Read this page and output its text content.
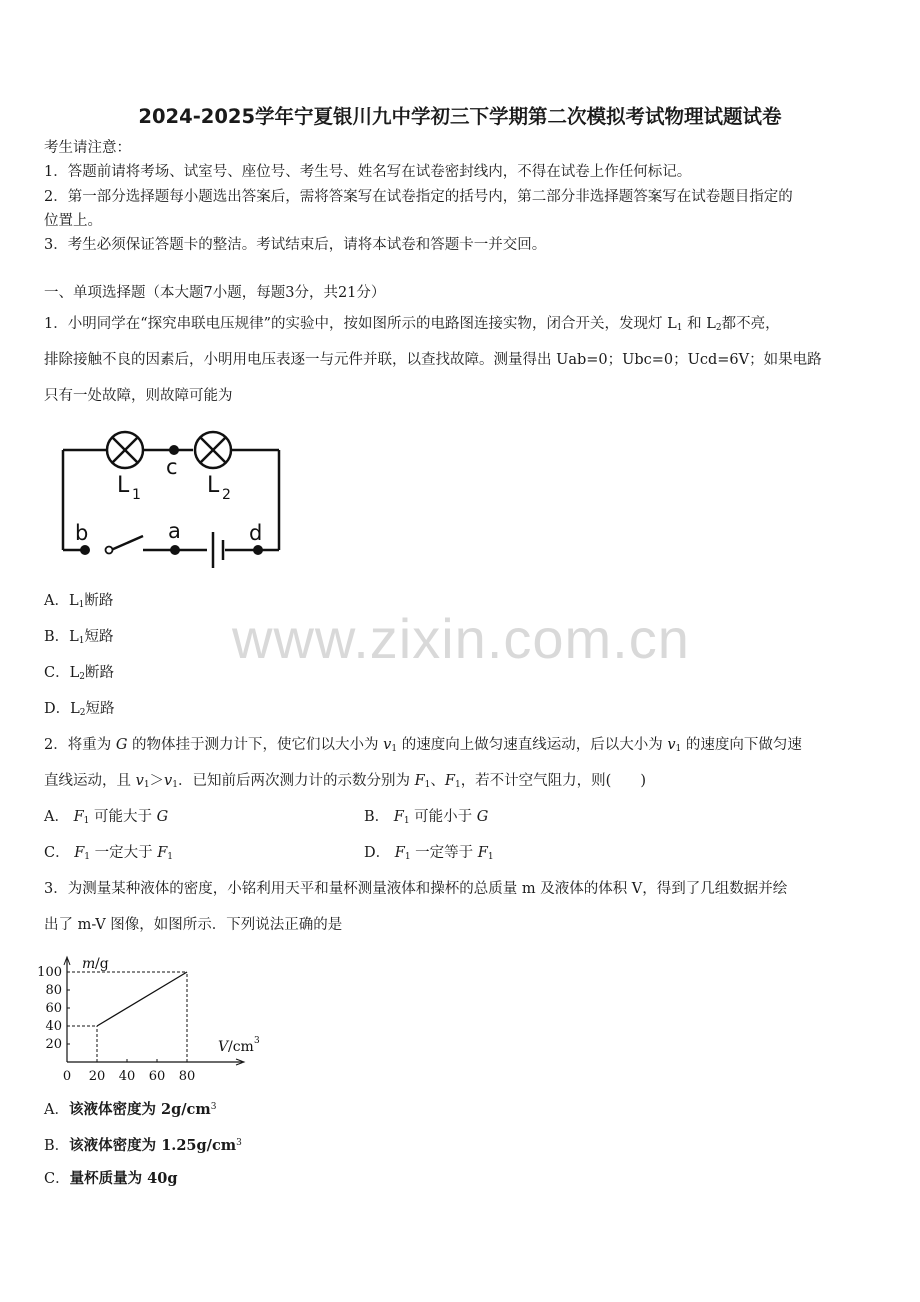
2024-2025学年宁夏银川九中学初三下学期第二次模拟考试物理试题试卷
考生请注意：
1．答题前请将考场、试室号、座位号、考生号、姓名写在试卷密封线内，不得在试卷上作任何标记。
2．第一部分选择题每小题选出答案后，需将答案写在试卷指定的括号内，第二部分非选择题答案写在试卷题目指定的
位置上。
3．考生必须保证答题卡的整洁。考试结束后，请将本试卷和答题卡一并交回。
一、单项选择题（本大题7小题，每题3分，共21分）
1．小明同学在“探究串联电压规律”的实验中，按如图所示的电路图连接实物，闭合开关，发现灯 $L_1$ 和 $L_2$都不亮，
排除接触不良的因素后，小明用电压表逐一与元件并联，以查找故障。测量得出 Uab=0；Ubc=0；Ucd=6V；如果电路
只有一处故障，则故障可能为
c
L 1	L 2
b	a	d
A．$L_1$断路
B．$L_1$短路
C．$L_2$断路
D．$L_2$短路
www.zixin.com.cn
2．将重为 G 的物体挂于测力计下，使它们以大小为 $v_1$ 的速度向上做匀速直线运动，后以大小为 $v_1$ 的速度向下做匀速
直线运动，且 $v_1>v_1$．已知前后两次测力计的示数分别为 $F_1$、$F_1$，若不计空气阻力，则(　　)
A． $F_1$ 可能大于 G	B． $F_1$ 可能小于 G
C． $F_1$ 一定大于 $F_1$	D． $F_1$ 一定等于 $F_1$
3．为测量某种液体的密度，小铭利用天平和量杯测量液体和操杯的总质量 m 及液体的体积 V，得到了几组数据并绘
出了 m-V 图像，如图所示．下列说法正确的是
m /g
V /cm 3
0 20 40 60 80
20
40
60
80
100
A．该液体密度为 $2g/cm^3$
B．该液体密度为 $1.25g/cm^3$
C．量杯质量为 40g
